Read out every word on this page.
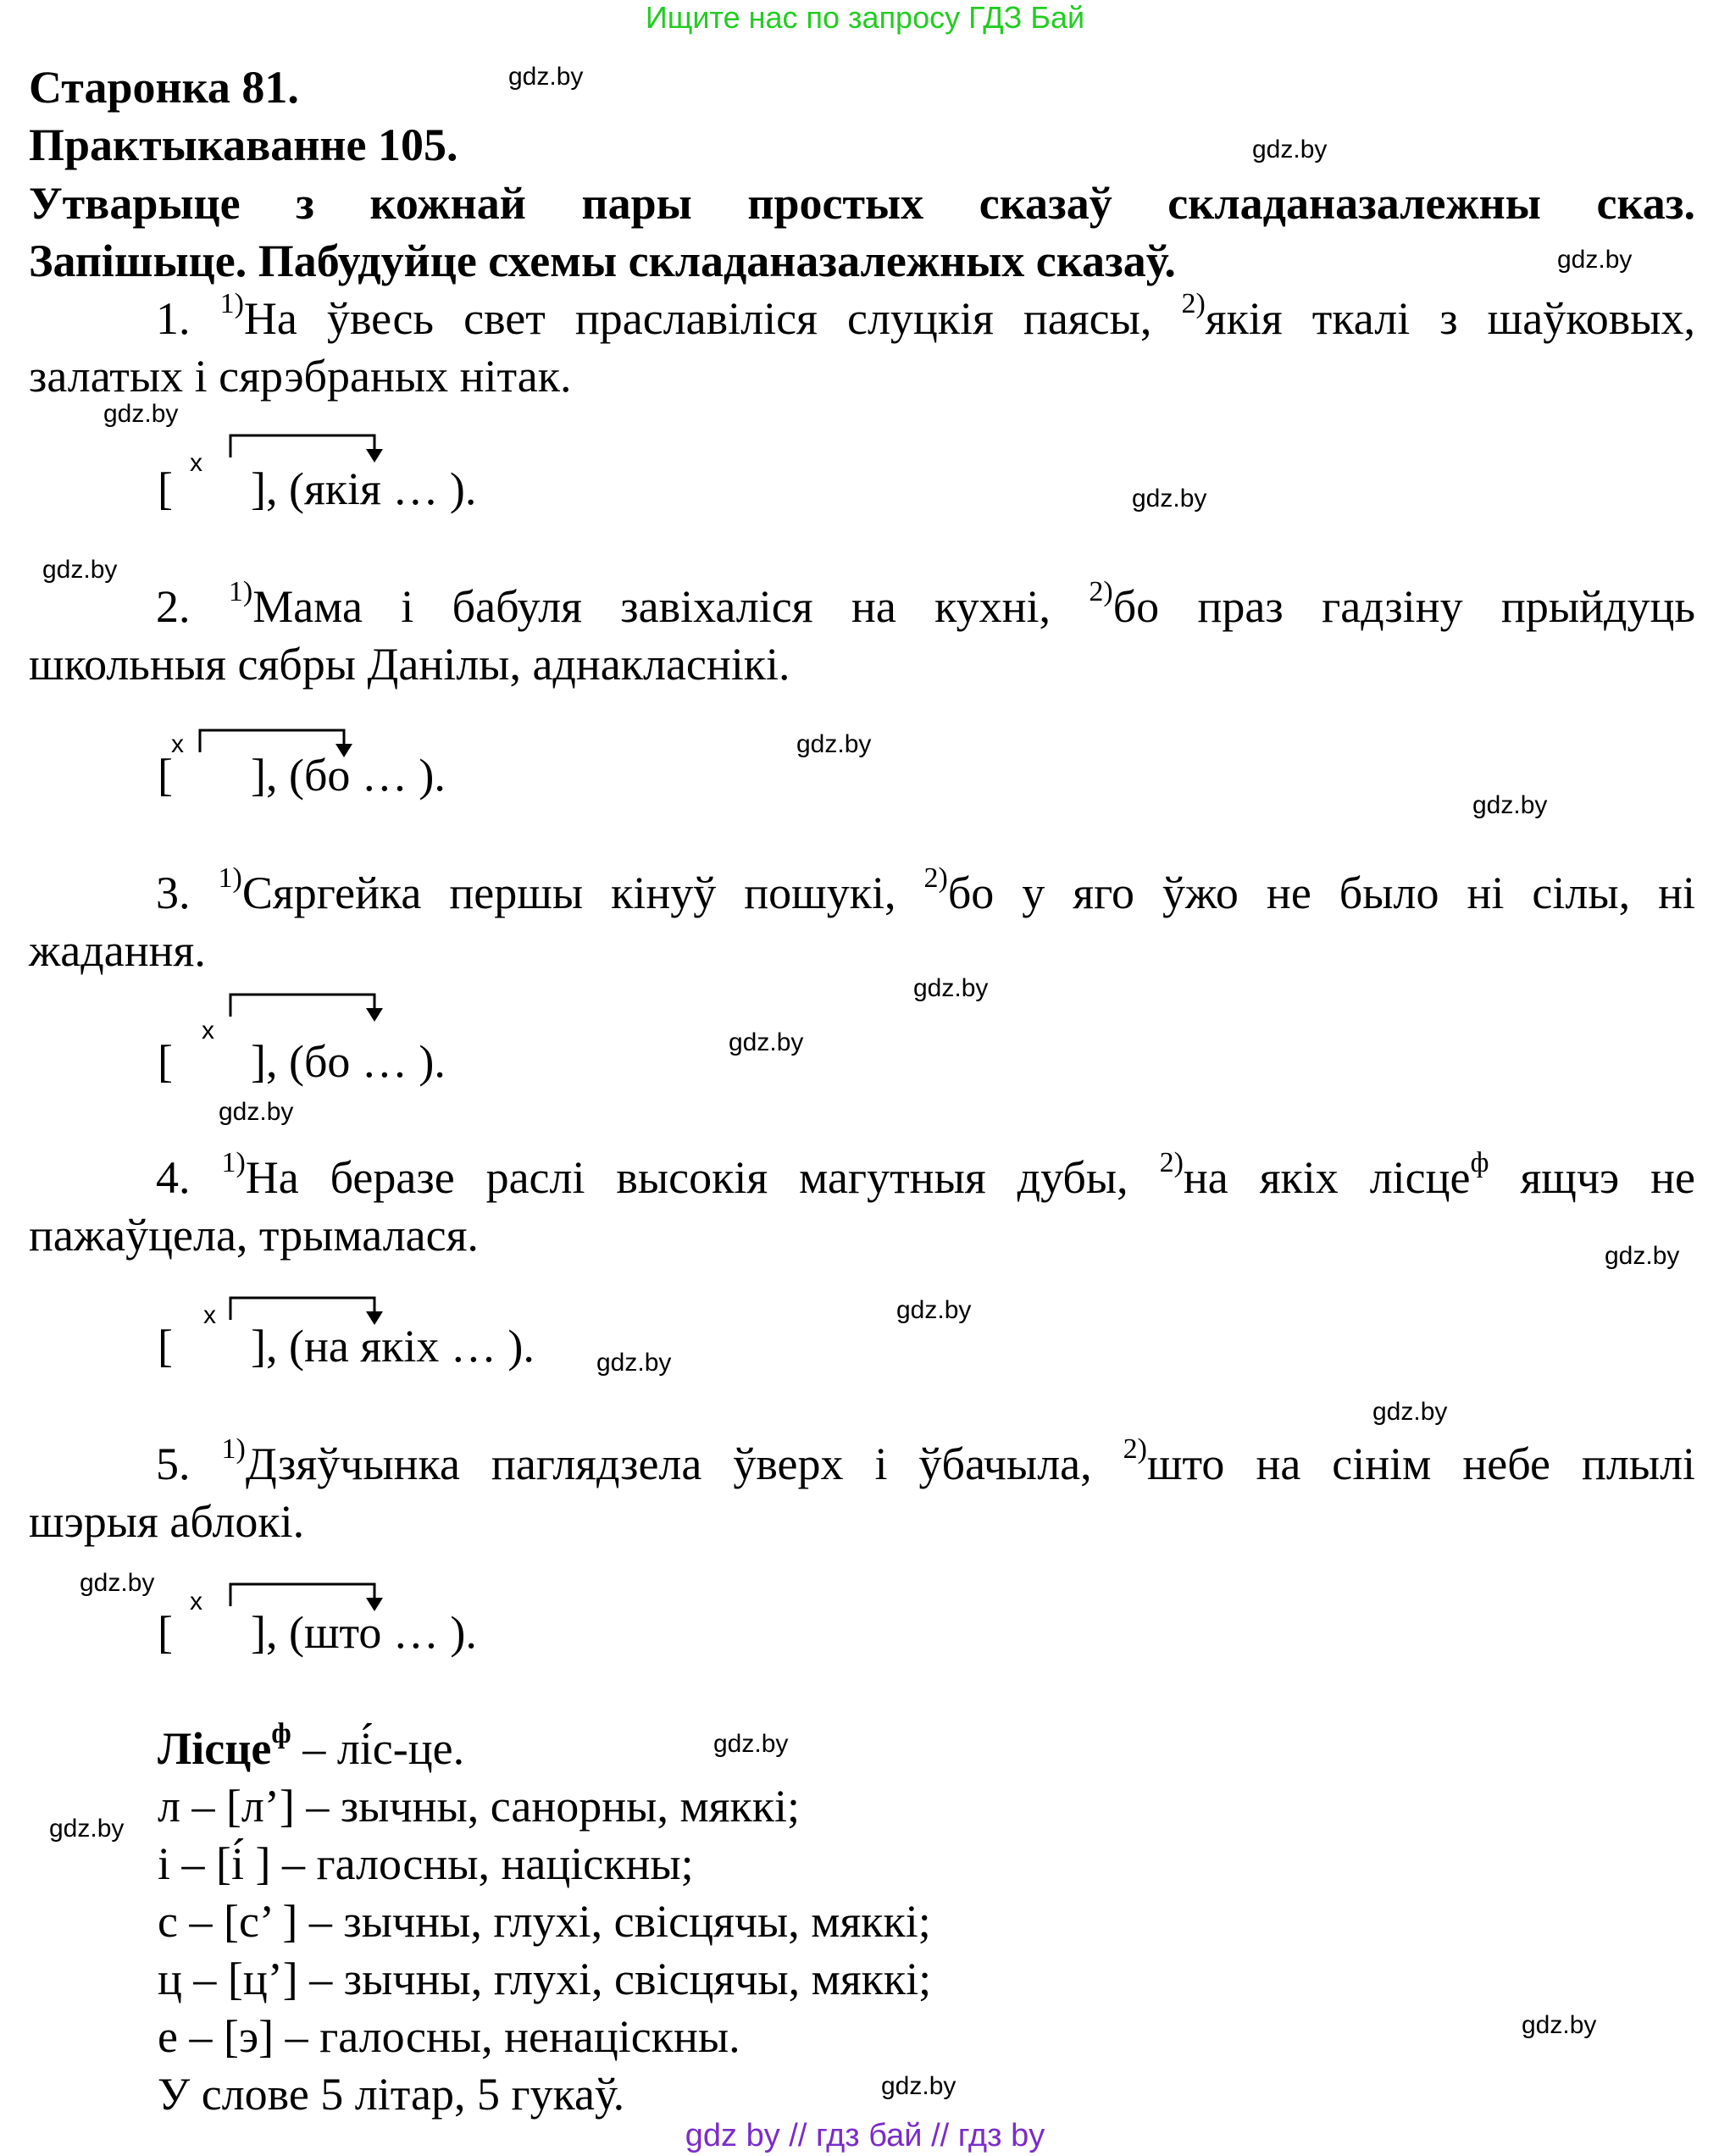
Ищите нас по запросу ГДЗ Бай
gdz.by
gdz.by
gdz.by
gdz.by
gdz.by
gdz.by
gdz.by
gdz.by
gdz.by
gdz.by
gdz.by
gdz.by
gdz.by
gdz.by
gdz.by
gdz.by
gdz.by
gdz.by
gdz.by
gdz.by
Старонка 81.
Практыкаванне 105.
Утварыце з кожнай пары простых сказаў складаназалежны сказ.
Запішыце. Пабудуйце схемы складаназалежных сказаў.
1. $^{1)}$На ўвесь свет праславіліся слуцкія паясы, $^{2)}$якія ткалі з шаўковых,
залатых і сярэбраных нітак.
x
[ ], (якія … ).
2. $^{1)}$Мама і бабуля завіхаліся на кухні, $^{2)}$бо праз гадзіну прыйдуць
школьныя сябры Данілы, аднакласнікі.
x
[ ], (бо … ).
3. $^{1)}$Сяргейка першы кінуў пошукі, $^{2)}$бо у яго ўжо не было ні сілы, ні
жадання.
x
[ ], (бо … ).
4. $^{1)}$На беразе раслі высокія магутныя дубы, $^{2)}$на якіх лісце$^ф$ ящчэ не
пажаўцела, трымалася.
x
[ ], (на якіх … ).
5. $^{1)}$Дзяўчынка паглядзела ўверх і ўбачыла, $^{2)}$што на сінім небе плылі
шэрыя аблокі.
x
[ ], (што … ).
Лісце$^ф$ – лі́с-це.
л – [л’] – зычны, санорны, мяккі;
і – [і́ ] – галосны, націскны;
с – [с’ ] – зычны, глухі, свісцячы, мяккі;
ц – [ц’] – зычны, глухі, свісцячы, мяккі;
е – [э] – галосны, ненаціскны.
У слове 5 літар, 5 гукаў.
gdz by // гдз бай // гдз by
